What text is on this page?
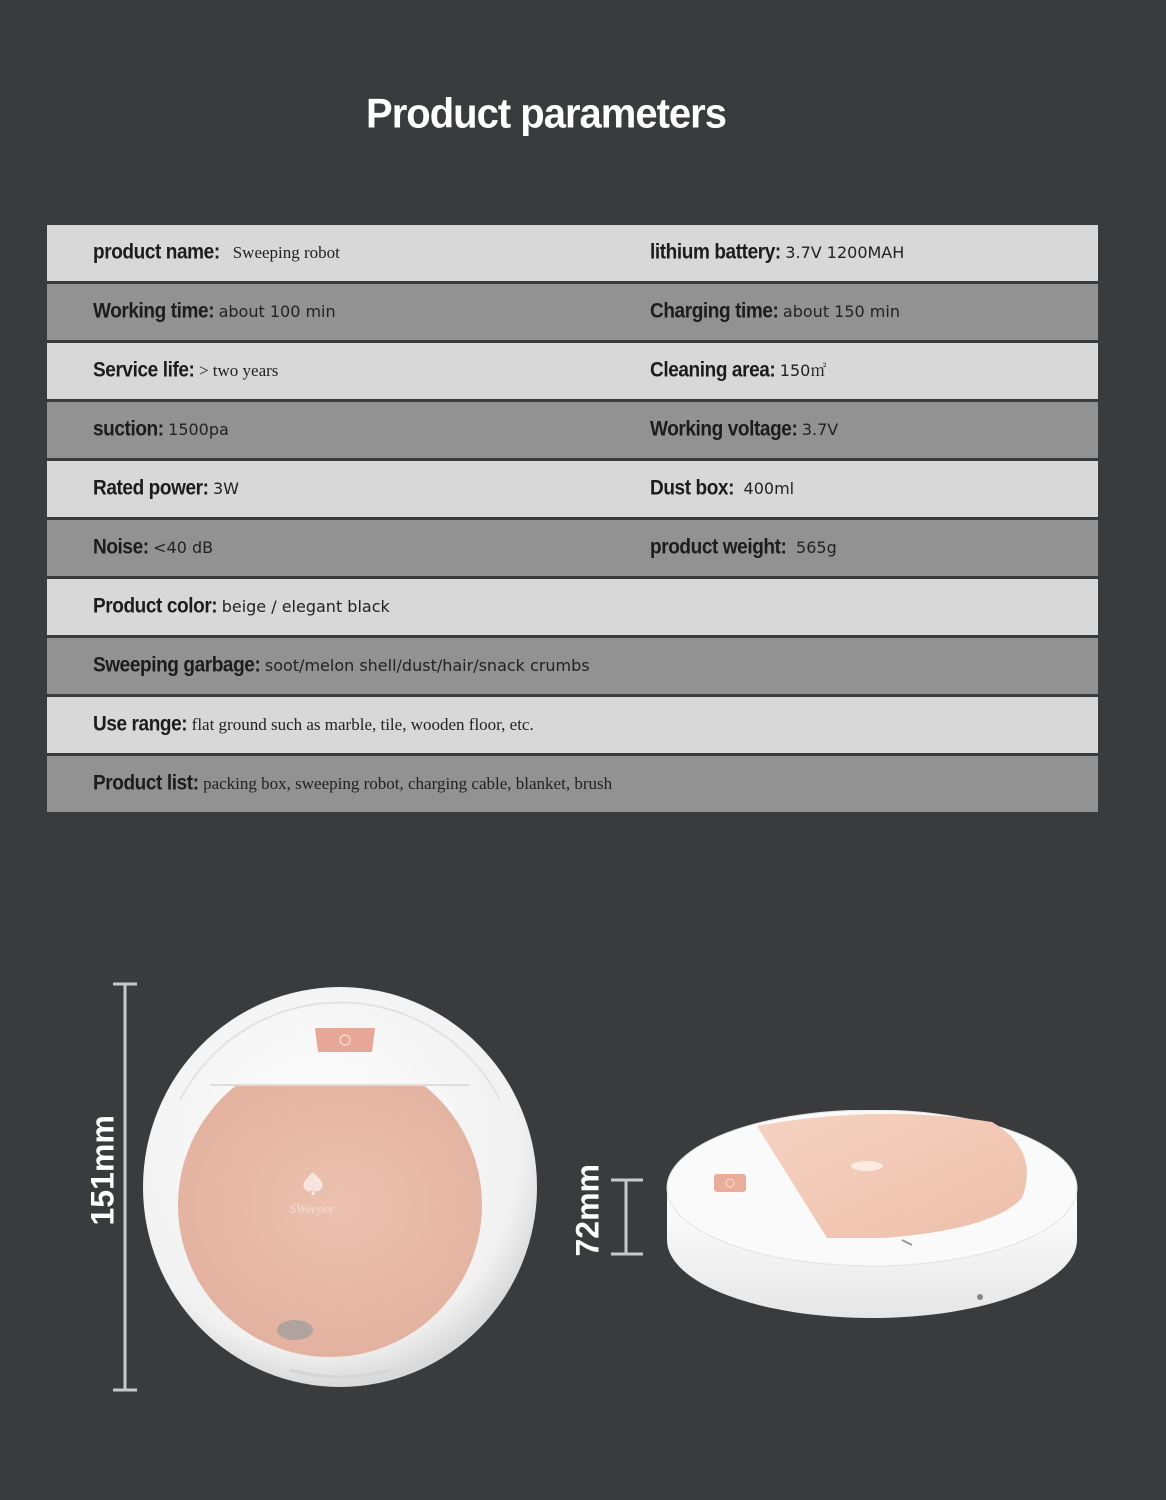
Product parameters
product name:   Sweeping robot	lithium battery: 3.7V 1200MAH
Working time: about 100 min	Charging time: about 150 min
Service life: > two years	Cleaning area: 150㎡
suction: 1500pa	Working voltage: 3.7V
Rated power: 3W	Dust box:  400ml
Noise: <40 dB	product weight:  565g
Product color: beige / elegant black
Sweeping garbage: soot/melon shell/dust/hair/snack crumbs
Use range: flat ground such as marble, tile, wooden floor, etc.
Product list: packing box, sweeping robot, charging cable, blanket, brush
151mm	SWeeper	72mm
